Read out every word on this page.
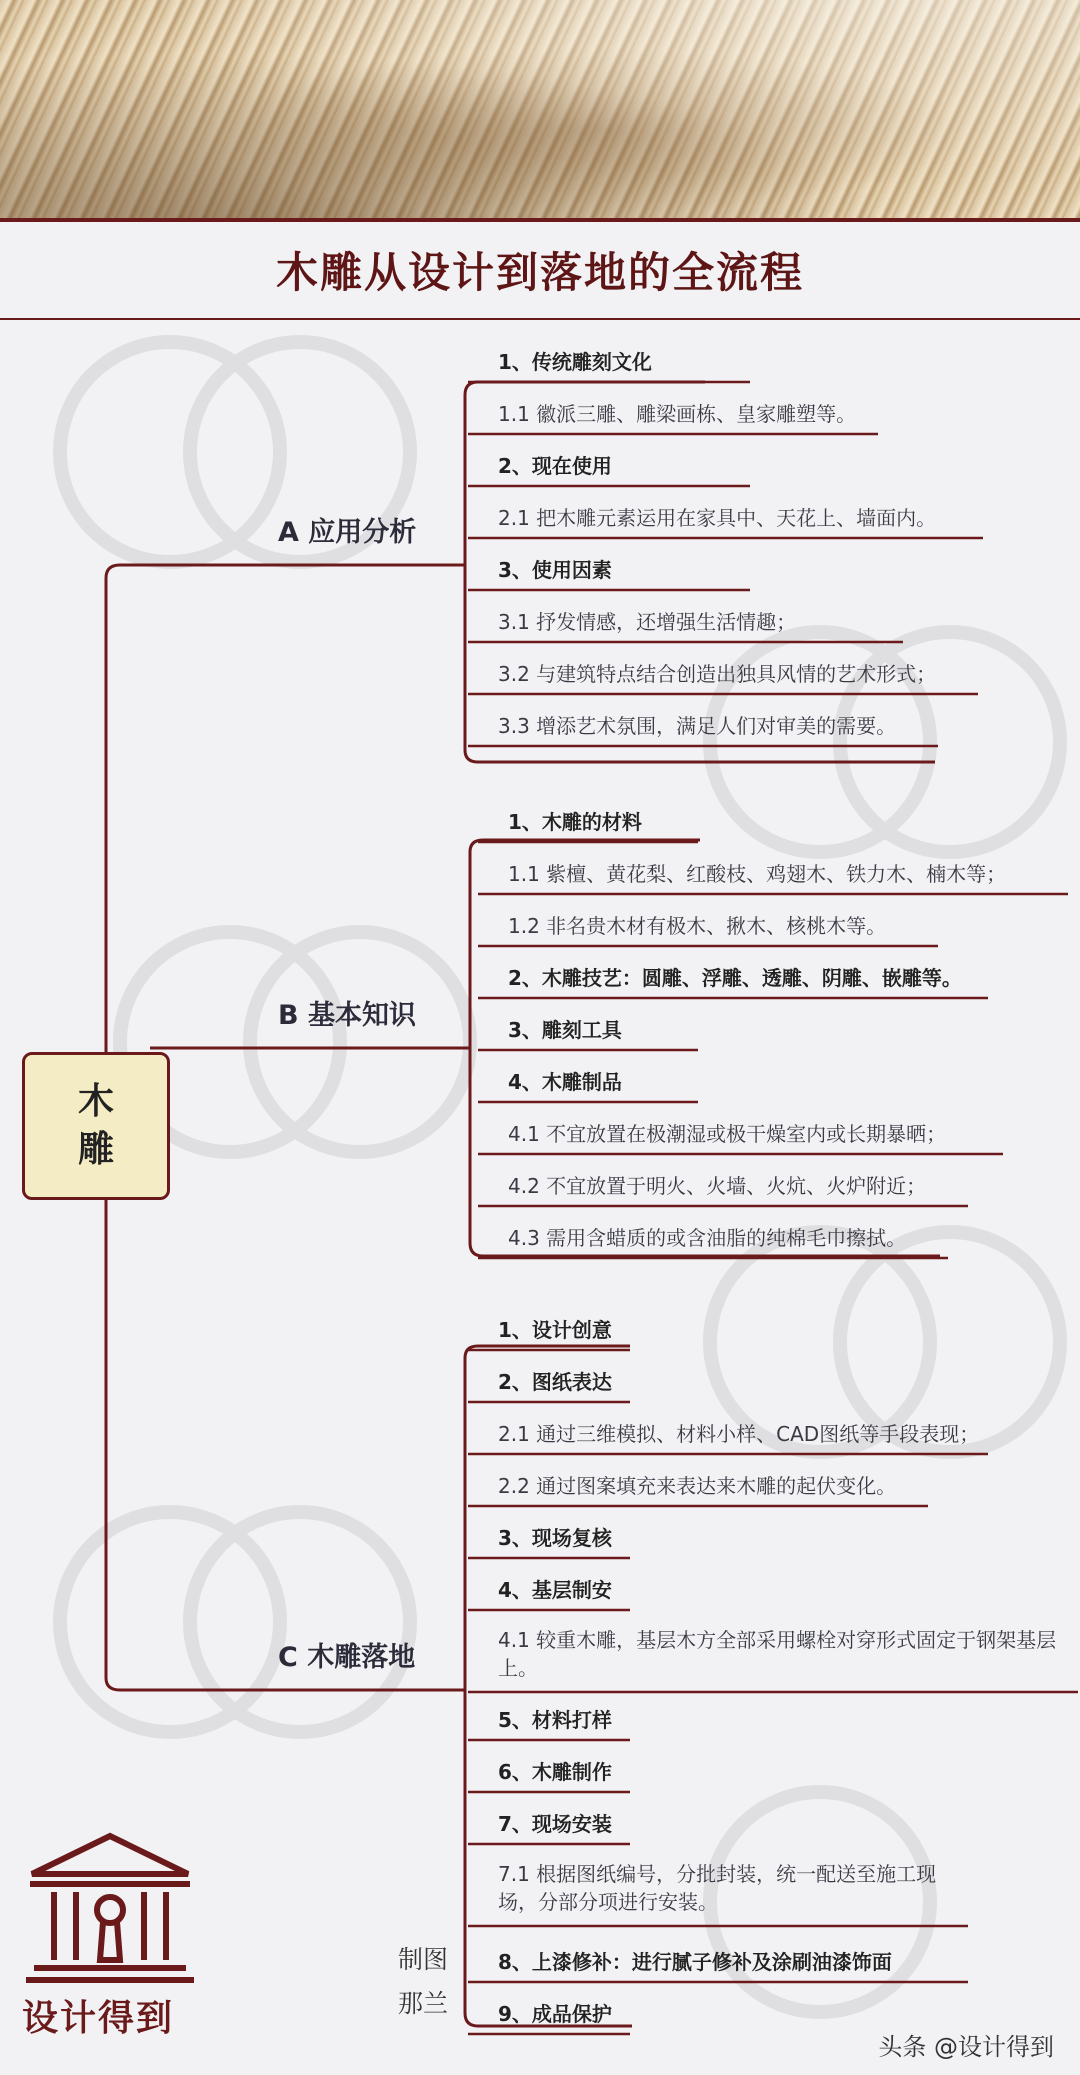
木雕从设计到落地的全流程
木
雕
A 应用分析
B 基本知识
C 木雕落地
1、传统雕刻文化
1.1 徽派三雕、雕梁画栋、皇家雕塑等。
2、现在使用
2.1 把木雕元素运用在家具中、天花上、墙面内。
3、使用因素
3.1 抒发情感，还增强生活情趣；
3.2 与建筑特点结合创造出独具风情的艺术形式；
3.3 增添艺术氛围，满足人们对审美的需要。
1、木雕的材料
1.1 紫檀、黄花梨、红酸枝、鸡翅木、铁力木、楠木等；
1.2 非名贵木材有极木、揪木、核桃木等。
2、木雕技艺：圆雕、浮雕、透雕、阴雕、嵌雕等。
3、雕刻工具
4、木雕制品
4.1 不宜放置在极潮湿或极干燥室内或长期暴晒；
4.2 不宜放置于明火、火墙、火炕、火炉附近；
4.3 需用含蜡质的或含油脂的纯棉毛巾擦拭。
1、设计创意
2、图纸表达
2.1 通过三维模拟、材料小样、CAD图纸等手段表现；
2.2 通过图案填充来表达来木雕的起伏变化。
3、现场复核
4、基层制安
4.1 较重木雕，基层木方全部采用螺栓对穿形式固定于钢架基层上。
5、材料打样
6、木雕制作
7、现场安装
7.1 根据图纸编号，分批封装，统一配送至施工现场，分部分项进行安装。
8、上漆修补：进行腻子修补及涂刷油漆饰面
9、成品保护
设计得到
制图
那兰
头条 @设计得到
